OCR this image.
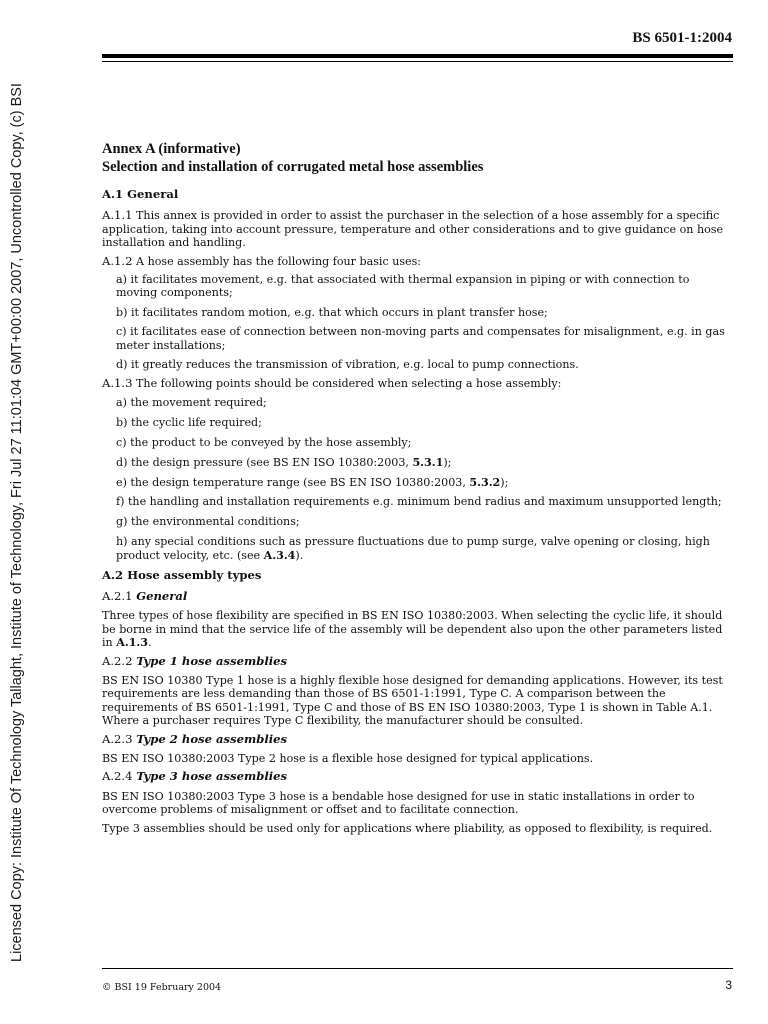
Licensed Copy: Institute Of Technology Tallaght, Institute of Technology, Fri Jul 27 11:01:04 GMT+00:00 2007, Uncontrolled Copy, (c) BSI
BS 6501-1:2004
Annex A (informative)
Selection and installation of corrugated metal hose assemblies
A.1 General

A.1.1 This annex is provided in order to assist the purchaser in the selection of a hose assembly for a specific application, taking into account pressure, temperature and other considerations and to give guidance on hose installation and handling.

A.1.2 A hose assembly has the following four basic uses:

a) it facilitates movement, e.g. that associated with thermal expansion in piping or with connection to moving components;
b) it facilitates random motion, e.g. that which occurs in plant transfer hose;
c) it facilitates ease of connection between non-moving parts and compensates for misalignment, e.g. in gas meter installations;
d) it greatly reduces the transmission of vibration, e.g. local to pump connections.

A.1.3 The following points should be considered when selecting a hose assembly:

a) the movement required;
b) the cyclic life required;
c) the product to be conveyed by the hose assembly;
d) the design pressure (see BS EN ISO 10380:2003, 5.3.1);
e) the design temperature range (see BS EN ISO 10380:2003, 5.3.2);
f) the handling and installation requirements e.g. minimum bend radius and maximum unsupported length;
g) the environmental conditions;
h) any special conditions such as pressure fluctuations due to pump surge, valve opening or closing, high product velocity, etc. (see A.3.4).
A.2 Hose assembly types
A.2.1 General

Three types of hose flexibility are specified in BS EN ISO 10380:2003. When selecting the cyclic life, it should be borne in mind that the service life of the assembly will be dependent also upon the other parameters listed in A.1.3.

A.2.2 Type 1 hose assemblies

BS EN ISO 10380 Type 1 hose is a highly flexible hose designed for demanding applications. However, its test requirements are less demanding than those of BS 6501-1:1991, Type C. A comparison between the requirements of BS 6501-1:1991, Type C and those of BS EN ISO 10380:2003, Type 1 is shown in Table A.1. Where a purchaser requires Type C flexibility, the manufacturer should be consulted.

A.2.3 Type 2 hose assemblies

BS EN ISO 10380:2003 Type 2 hose is a flexible hose designed for typical applications.

A.2.4 Type 3 hose assemblies

BS EN ISO 10380:2003 Type 3 hose is a bendable hose designed for use in static installations in order to overcome problems of misalignment or offset and to facilitate connection.

Type 3 assemblies should be used only for applications where pliability, as opposed to flexibility, is required.

© BSI 19 February 2004	3
